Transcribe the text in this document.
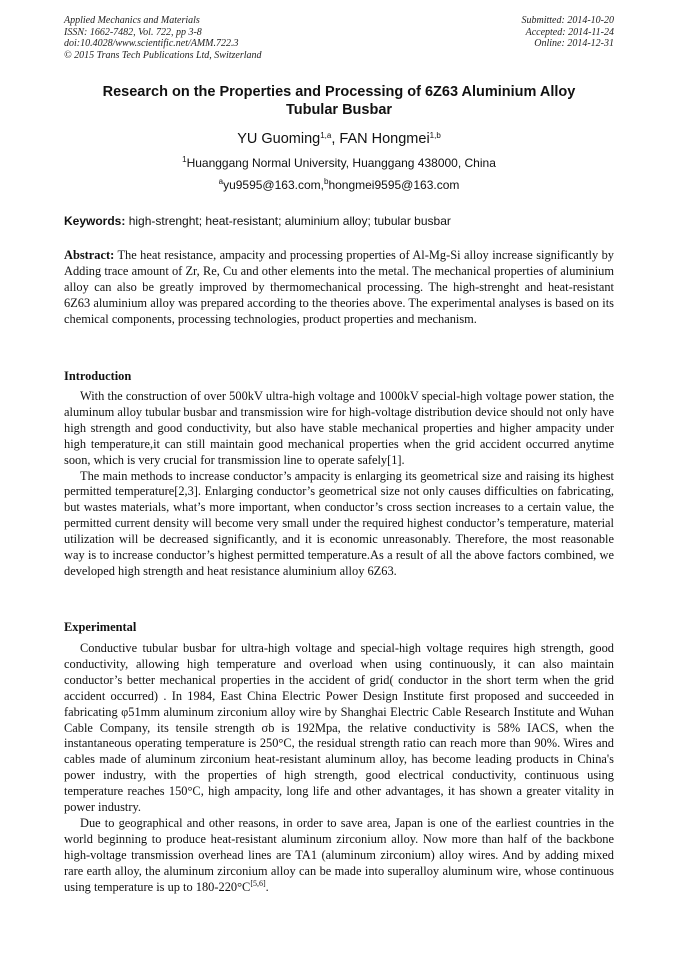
Applied Mechanics and Materials
ISSN: 1662-7482, Vol. 722, pp 3-8
doi:10.4028/www.scientific.net/AMM.722.3
© 2015 Trans Tech Publications Ltd, Switzerland
Submitted: 2014-10-20
Accepted: 2014-11-24
Online: 2014-12-31
Research on the Properties and Processing of 6Z63 Aluminium Alloy
Tubular Busbar
YU Guoming$^{1,a}$, FAN Hongmei$^{1,b}$
$^1$Huanggang Normal University, Huanggang 438000, China
$^a$yu9595@163.com,$^b$hongmei9595@163.com
Keywords: high-strenght; heat-resistant; aluminium alloy; tubular busbar

Abstract: The heat resistance, ampacity and processing properties of Al-Mg-Si alloy increase significantly by Adding trace amount of Zr, Re, Cu and other elements into the metal. The mechanical properties of aluminium alloy can also be greatly improved by thermomechanical processing. The high-strenght and heat-resistant 6Z63 aluminium alloy was prepared according to the theories above. The experimental analyses is based on its chemical components, processing technologies, product properties and mechanism.

Introduction

With the construction of over 500kV ultra-high voltage and 1000kV special-high voltage power station, the aluminum alloy tubular busbar and transmission wire for high-voltage distribution device should not only have high strength and good conductivity, but also have stable mechanical properties and higher ampacity under high temperature,it can still maintain good mechanical properties when the grid accident occurred anytime soon, which is very crucial for transmission line to operate safely[1].

The main methods to increase conductor’s ampacity is enlarging its geometrical size and raising its highest permitted temperature[2,3]. Enlarging conductor’s geometrical size not only causes difficulties on fabricating, but wastes materials, what’s more important, when conductor’s cross section increases to a certain value, the permitted current density will become very small under the required highest conductor’s temperature, material utilization will be decreased significantly, and it is economic unreasonably. Therefore, the most reasonable way is to increase conductor’s highest permitted temperature.As a result of all the above factors combined, we developed high strength and heat resistance aluminium alloy 6Z63.

Experimental

Conductive tubular busbar for ultra-high voltage and special-high voltage requires high strength, good conductivity, allowing high temperature and overload when using continuously, it can also maintain conductor’s better mechanical properties in the accident of grid( conductor in the short term when the grid accident occurred) . In 1984, East China Electric Power Design Institute first proposed and succeeded in fabricating φ51mm aluminum zirconium alloy wire by Shanghai Electric Cable Research Institute and Wuhan Cable Company, its tensile strength σb is 192Mpa, the relative conductivity is 58% IACS, when the instantaneous operating temperature is 250°C, the residual strength ratio can reach more than 90%. Wires and cables made of aluminum zirconium heat-resistant aluminum alloy, has become leading products in China's power industry, with the properties of high strength, good electrical conductivity, continuous using temperature reaches 150°C, high ampacity, long life and other advantages, it has shown a greater vitality in power industry.

Due to geographical and other reasons, in order to save area, Japan is one of the earliest countries in the world beginning to produce heat-resistant aluminum zirconium alloy. Now more than half of the backbone high-voltage transmission overhead lines are TA1 (aluminum zirconium) alloy wires. And by adding mixed rare earth alloy, the aluminum zirconium alloy can be made into superalloy aluminum wire, whose continuous using temperature is up to 180-220°C[5,6].
